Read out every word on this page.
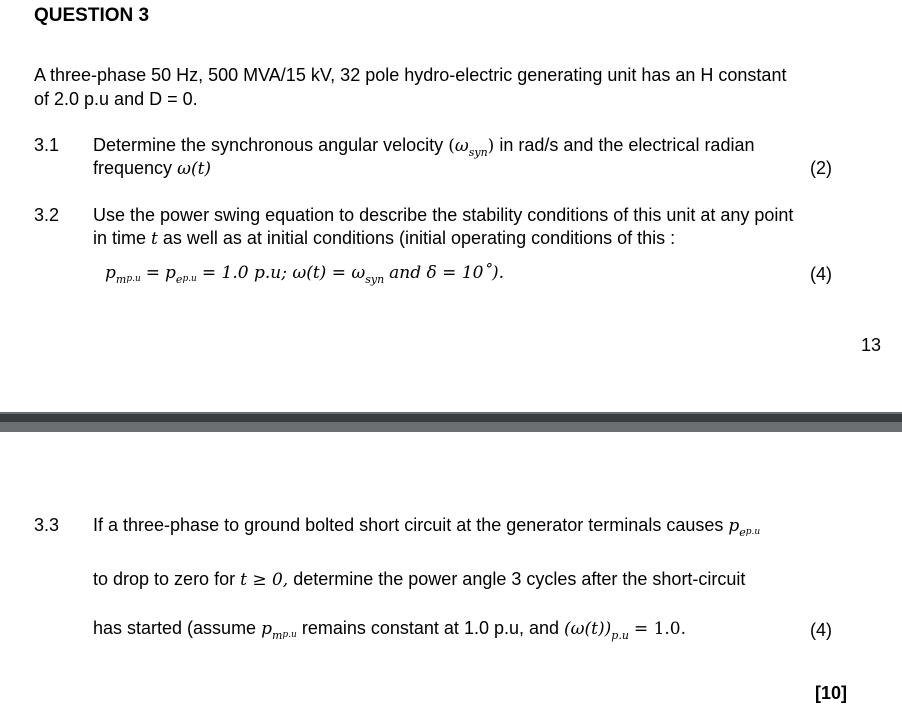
QUESTION 3
A three-phase 50 Hz, 500 MVA/15 kV, 32 pole hydro-electric generating unit has an H constant
of 2.0 p.u and D = 0.
3.1 Determine the synchronous angular velocity $(\omega_{syn})$ in rad/s and the electrical radian
frequency ω(t)	(2)
3.2 Use the power swing equation to describe the stability conditions of this unit at any point
in time t as well as at initial conditions (initial operating conditions of this :
$p_mp.u = p_ep.u = 1.0$ p.u; $\omega(t) = \omega_{syn}$ and δ = 10˚).	(4)
13
3.3 If a three-phase to ground bolted short circuit at the generator terminals causes $p_ep.u$
to drop to zero for t ≥ 0, determine the power angle 3 cycles after the short-circuit
has started (assume $p_mp.u$ remains constant at 1.0 p.u, and $(\omega(t))_{p.u} = 1.0$.	(4)
[10]
